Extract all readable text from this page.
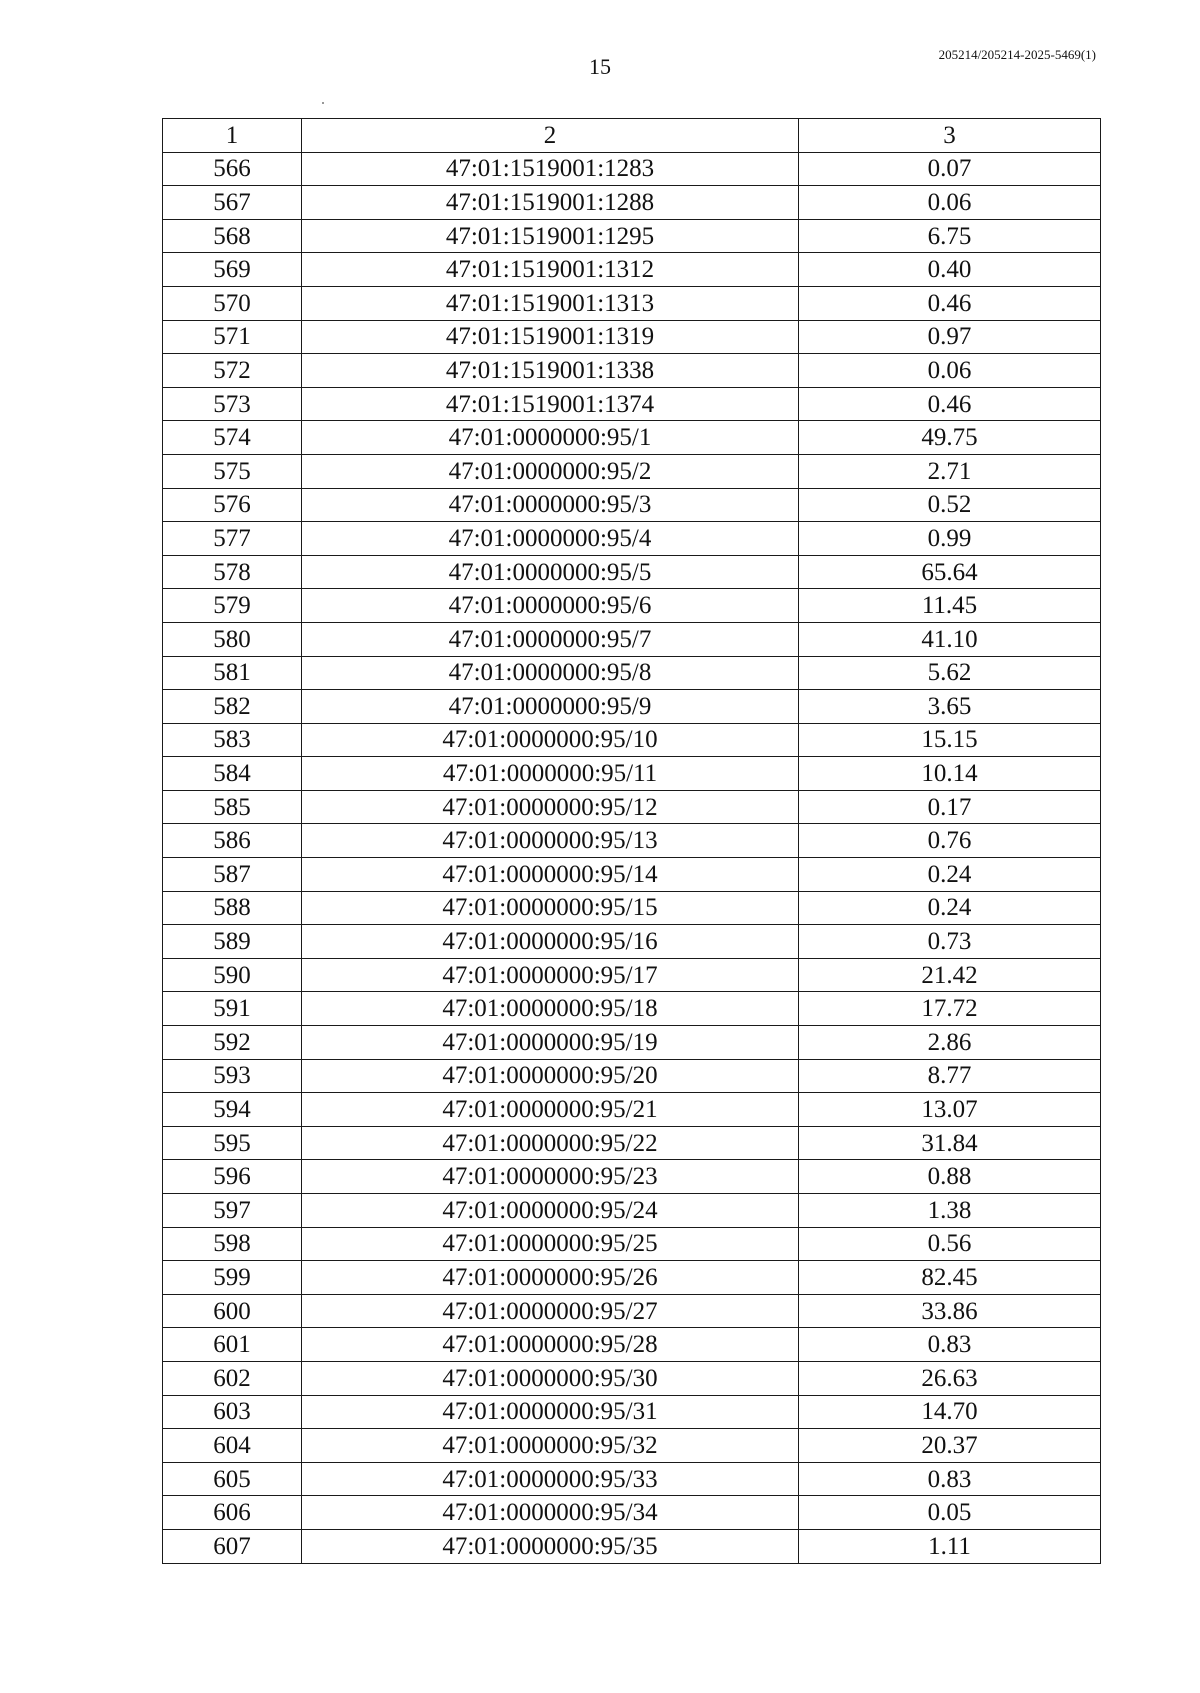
15	205214/205214-2025-5469(1)
1	2	3
566	47:01:1519001:1283	0.07
567	47:01:1519001:1288	0.06
568	47:01:1519001:1295	6.75
569	47:01:1519001:1312	0.40
570	47:01:1519001:1313	0.46
571	47:01:1519001:1319	0.97
572	47:01:1519001:1338	0.06
573	47:01:1519001:1374	0.46
574	47:01:0000000:95/1	49.75
575	47:01:0000000:95/2	2.71
576	47:01:0000000:95/3	0.52
577	47:01:0000000:95/4	0.99
578	47:01:0000000:95/5	65.64
579	47:01:0000000:95/6	11.45
580	47:01:0000000:95/7	41.10
581	47:01:0000000:95/8	5.62
582	47:01:0000000:95/9	3.65
583	47:01:0000000:95/10	15.15
584	47:01:0000000:95/11	10.14
585	47:01:0000000:95/12	0.17
586	47:01:0000000:95/13	0.76
587	47:01:0000000:95/14	0.24
588	47:01:0000000:95/15	0.24
589	47:01:0000000:95/16	0.73
590	47:01:0000000:95/17	21.42
591	47:01:0000000:95/18	17.72
592	47:01:0000000:95/19	2.86
593	47:01:0000000:95/20	8.77
594	47:01:0000000:95/21	13.07
595	47:01:0000000:95/22	31.84
596	47:01:0000000:95/23	0.88
597	47:01:0000000:95/24	1.38
598	47:01:0000000:95/25	0.56
599	47:01:0000000:95/26	82.45
600	47:01:0000000:95/27	33.86
601	47:01:0000000:95/28	0.83
602	47:01:0000000:95/30	26.63
603	47:01:0000000:95/31	14.70
604	47:01:0000000:95/32	20.37
605	47:01:0000000:95/33	0.83
606	47:01:0000000:95/34	0.05
607	47:01:0000000:95/35	1.11
